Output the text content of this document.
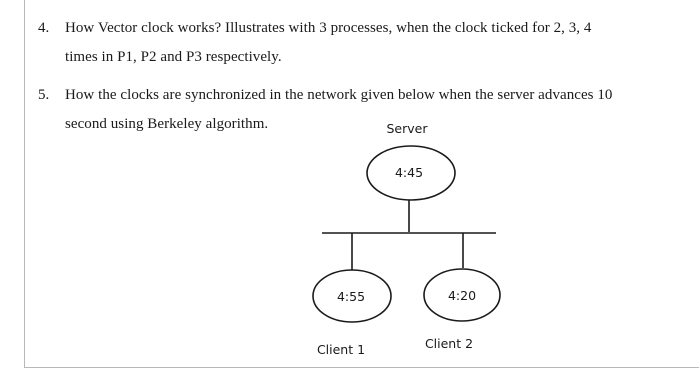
4. How Vector clock works? Illustrates with 3 processes, when the clock ticked for 2, 3, 4
times in P1, P2 and P3 respectively.
5. How the clocks are synchronized in the network given below when the server advances 10
second using Berkeley algorithm.	Server
4:45
4:55
Client 1
4:20
Client 2
